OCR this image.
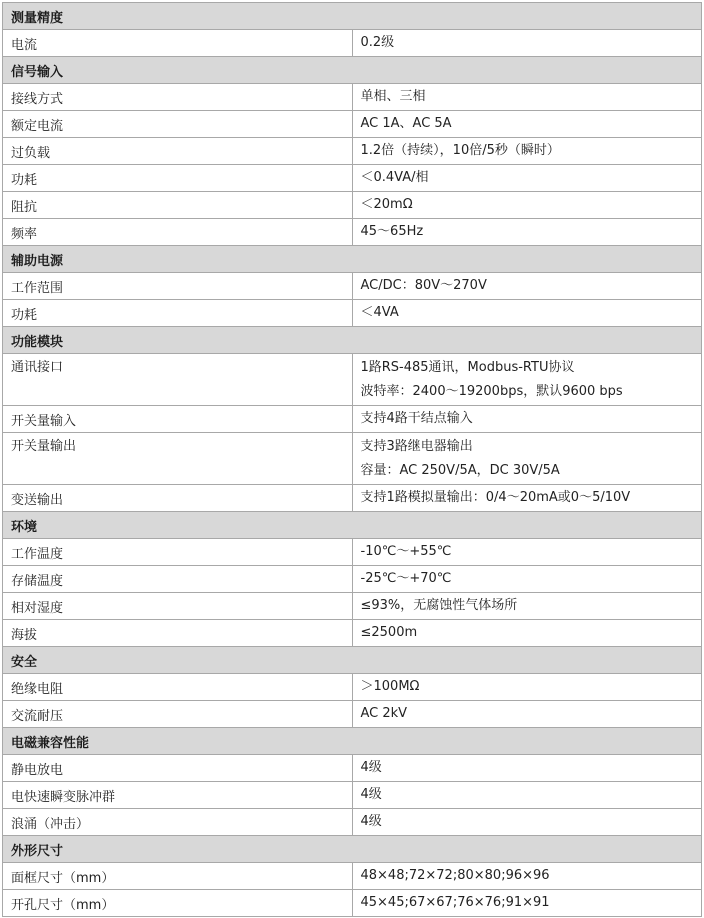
测量精度	
电流	0.2级

信号输入	
接线方式	单相、三相

额定电流	AC 1A、AC 5A

过负载	1.2倍（持续），10倍/5秒（瞬时）

功耗	＜0.4VA/相

阻抗	＜20mΩ

频率	45～65Hz

辅助电源	
工作范围	AC/DC：80V～270V

功耗	＜4VA

功能模块	
通讯接口	1路RS-485通讯，Modbus-RTU协议
波特率：2400～19200bps，默认9600 bps

开关量输入	支持4路干结点输入

开关量输出	支持3路继电器输出
容量：AC 250V/5A，DC 30V/5A

变送输出	支持1路模拟量输出：0/4～20mA或0～5/10V

环境	
工作温度	-10℃～+55℃

存储温度	-25℃～+70℃

相对湿度	≤93%，无腐蚀性气体场所

海拔	≤2500m

安全	
绝缘电阻	＞100MΩ

交流耐压	AC 2kV

电磁兼容性能	
静电放电	4级

电快速瞬变脉冲群	4级

浪涌（冲击）	4级

外形尺寸	
面框尺寸（mm）	48×48;72×72;80×80;96×96

开孔尺寸（mm）	45×45;67×67;76×76;91×91
